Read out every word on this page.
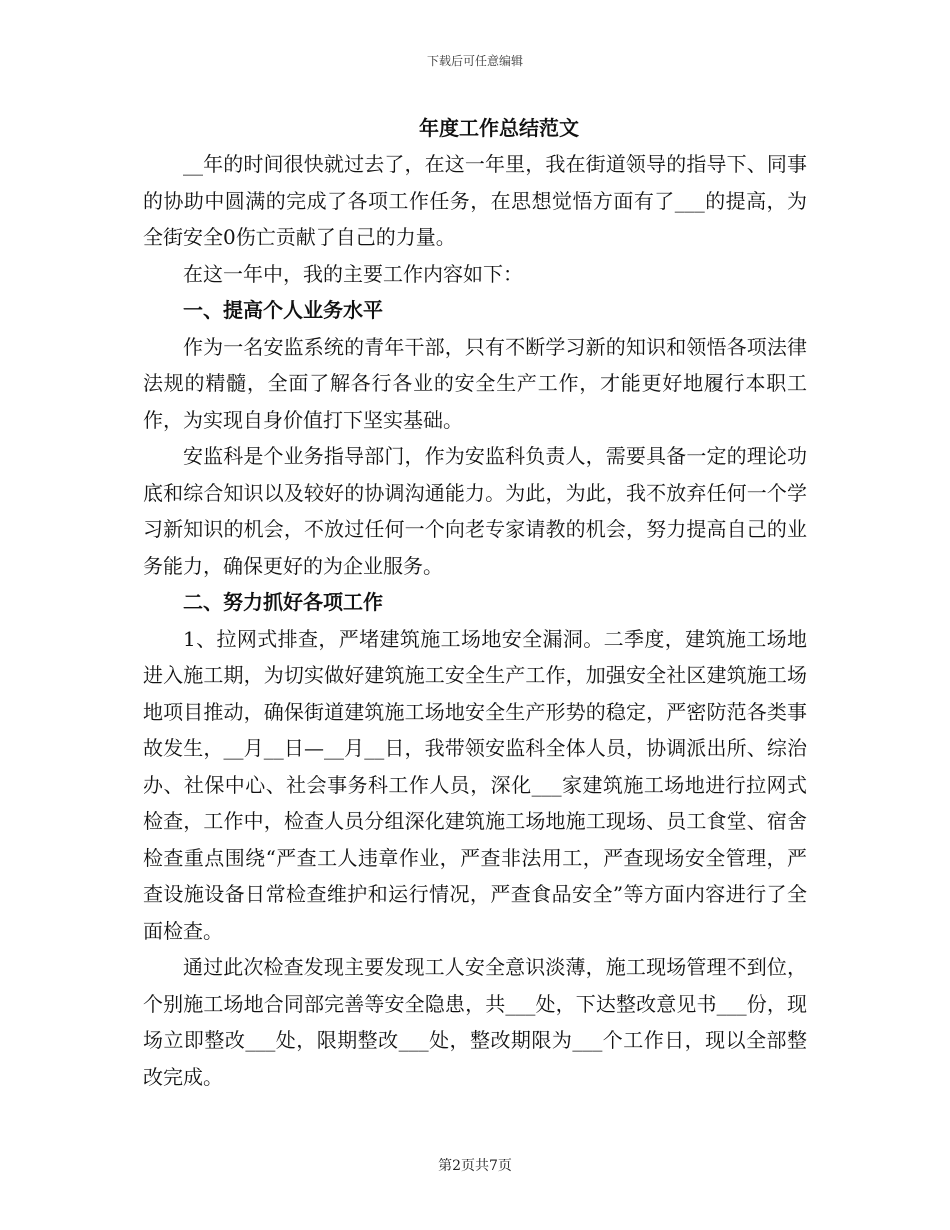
下载后可任意编辑
年度工作总结范文

__年的时间很快就过去了，在这一年里，我在街道领导的指导下、同事的协助中圆满的完成了各项工作任务，在思想觉悟方面有了___的提高，为全街安全0伤亡贡献了自己的力量。

在这一年中，我的主要工作内容如下：

一、提高个人业务水平

作为一名安监系统的青年干部，只有不断学习新的知识和领悟各项法律法规的精髓，全面了解各行各业的安全生产工作，才能更好地履行本职工作，为实现自身价值打下坚实基础。

安监科是个业务指导部门，作为安监科负责人，需要具备一定的理论功底和综合知识以及较好的协调沟通能力。为此，为此，我不放弃任何一个学习新知识的机会，不放过任何一个向老专家请教的机会，努力提高自己的业务能力，确保更好的为企业服务。

二、努力抓好各项工作

1、拉网式排查，严堵建筑施工场地安全漏洞。二季度，建筑施工场地进入施工期，为切实做好建筑施工安全生产工作，加强安全社区建筑施工场地项目推动，确保街道建筑施工场地安全生产形势的稳定，严密防范各类事故发生，__月__日—__月__日，我带领安监科全体人员，协调派出所、综治办、社保中心、社会事务科工作人员，深化___家建筑施工场地进行拉网式检查，工作中，检查人员分组深化建筑施工场地施工现场、员工食堂、宿舍检查重点围绕“严查工人违章作业，严查非法用工，严查现场安全管理，严查设施设备日常检查维护和运行情况，严查食品安全”等方面内容进行了全面检查。

通过此次检查发现主要发现工人安全意识淡薄，施工现场管理不到位，个别施工场地合同部完善等安全隐患，共___处，下达整改意见书___份，现场立即整改___处，限期整改___处，整改期限为___个工作日，现以全部整改完成。

第2页共7页
